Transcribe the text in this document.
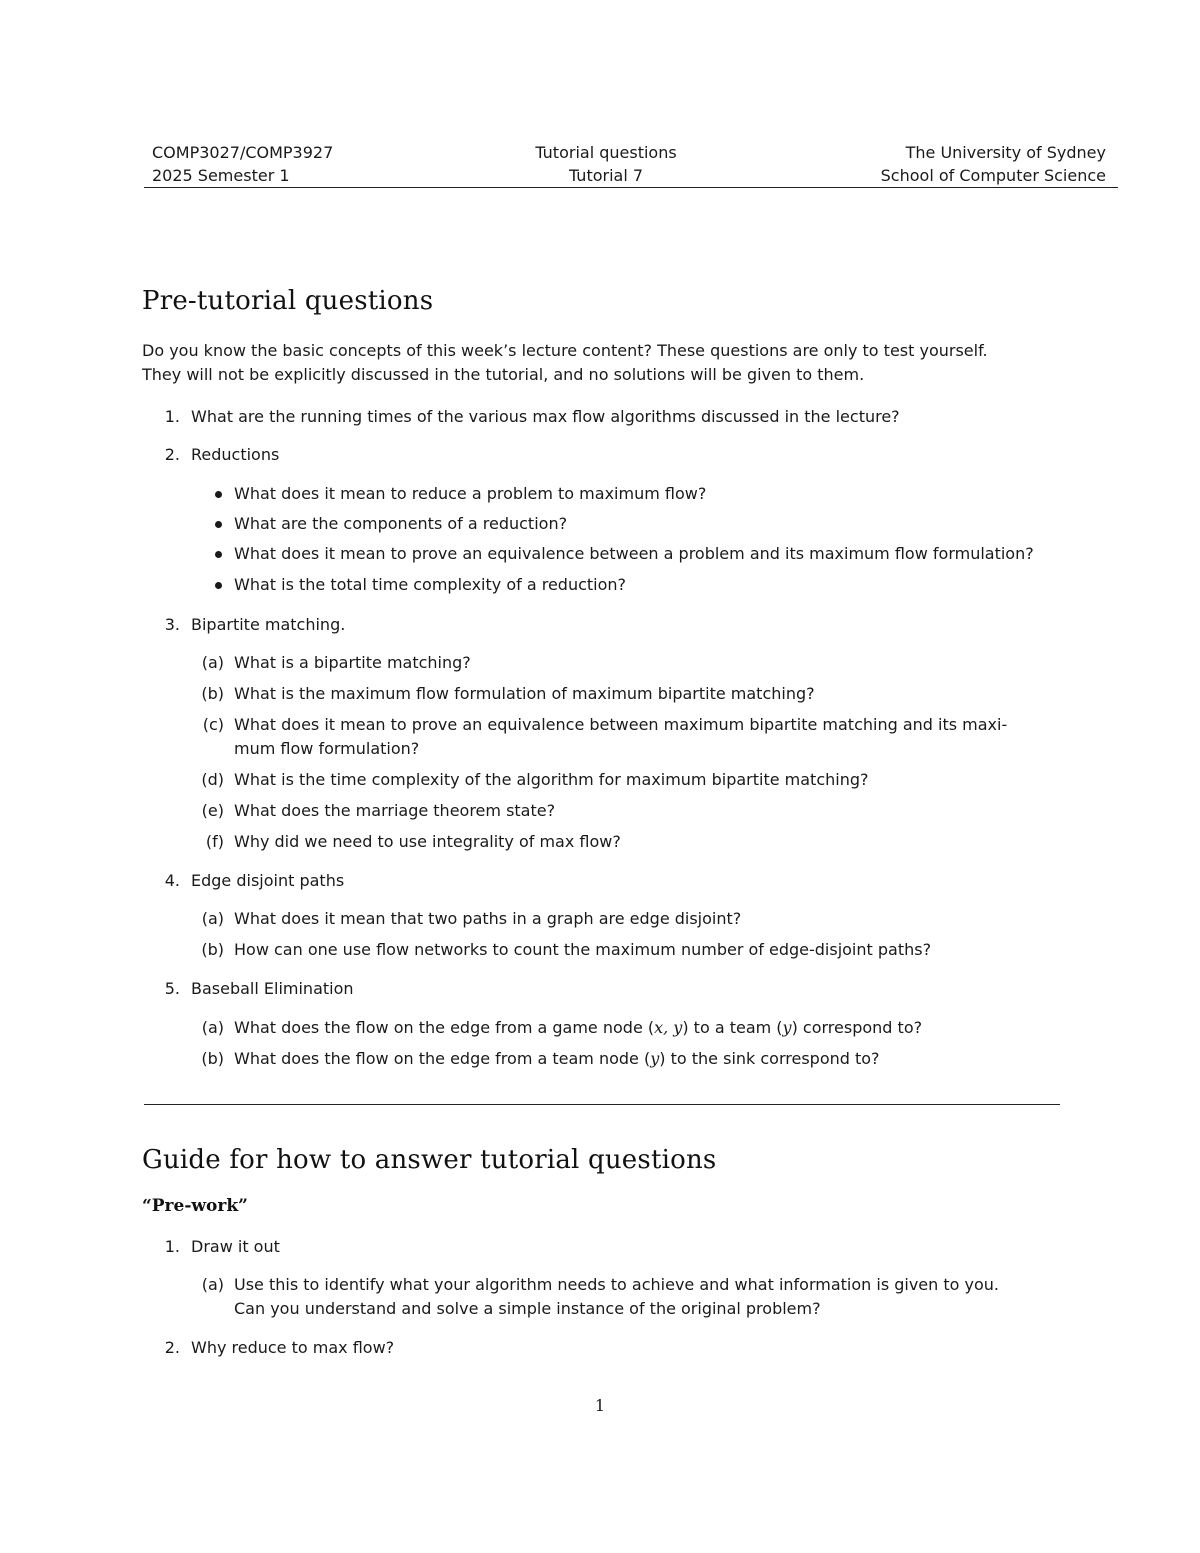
COMP3027/COMP3927
2025 Semester 1
Tutorial questions
Tutorial 7
The University of Sydney
School of Computer Science
Pre-tutorial questions
Do you know the basic concepts of this week’s lecture content? These questions are only to test yourself.
They will not be explicitly discussed in the tutorial, and no solutions will be given to them.
1. What are the running times of the various max flow algorithms discussed in the lecture?
2. Reductions
What does it mean to reduce a problem to maximum flow?
What are the components of a reduction?
What does it mean to prove an equivalence between a problem and its maximum flow formulation?
What is the total time complexity of a reduction?
3. Bipartite matching.
(a) What is a bipartite matching?
(b) What is the maximum flow formulation of maximum bipartite matching?
(c) What does it mean to prove an equivalence between maximum bipartite matching and its maxi-
mum flow formulation?
(d) What is the time complexity of the algorithm for maximum bipartite matching?
(e) What does the marriage theorem state?
(f) Why did we need to use integrality of max flow?
4. Edge disjoint paths
(a) What does it mean that two paths in a graph are edge disjoint?
(b) How can one use flow networks to count the maximum number of edge-disjoint paths?
5. Baseball Elimination
(a) What does the flow on the edge from a game node (x, y) to a team (y) correspond to?
(b) What does the flow on the edge from a team node (y) to the sink correspond to?
Guide for how to answer tutorial questions
“Pre-work”
1. Draw it out
(a) Use this to identify what your algorithm needs to achieve and what information is given to you.
Can you understand and solve a simple instance of the original problem?
2. Why reduce to max flow?
1
